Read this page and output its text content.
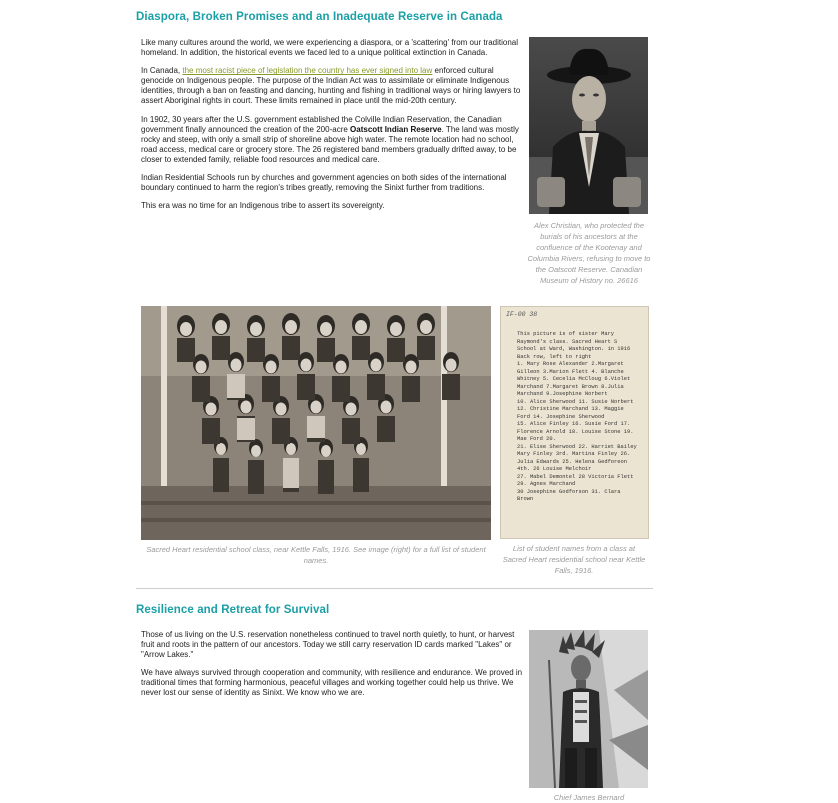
Diaspora, Broken Promises and an Inadequate Reserve in Canada

Like many cultures around the world, we were experiencing a diaspora, or a 'scattering' from our traditional homeland. In addition, the historical events we faced led to a unique political extinction in Canada.

In Canada, the most racist piece of legislation the country has ever signed into law enforced cultural genocide on Indigenous people. The purpose of the Indian Act was to assimilate or eliminate Indigenous identities, through a ban on feasting and dancing, hunting and fishing in traditional ways or hiring lawyers to assert Aboriginal rights in court. These limits remained in place until the mid-20th century.

In 1902, 30 years after the U.S. government established the Colville Indian Reservation, the Canadian government finally announced the creation of the 200-acre Oatscott Indian Reserve. The land was mostly rocky and steep, with only a small strip of shoreline above high water. The remote location had no school, road access, medical care or grocery store. The 26 registered band members gradually drifted away, to be closer to extended family, reliable food resources and medical care.

Indian Residential Schools run by churches and government agencies on both sides of the international boundary continued to harm the region's tribes greatly, removing the Sinixt further from traditions.

This era was no time for an Indigenous tribe to assert its sovereignty.

Alex Christian, who protected the burials of his ancestors at the confluence of the Kootenay and Columbia Rivers, refusing to move to the Oatscott Reserve. Canadian Museum of History no. 26616
Sacred Heart residential school class, near Kettle Falls, 1916. See image (right) for a full list of student names.
IF-00 38
This picture is of sister Mary Raymond's class. Sacred Heart S School at Ward, Washington. in 1916
Back row, left to right
1. Mary Rose Alexander 2.Margaret Gilleon 3.Marion Flett 4. Blanche Whitney 5. Cecelia McCloug 6.Violet Marchand 7.Margaret Brown 8.Julia Marchand 9.Josephine Norbert
10. Alice Sherwood 11. Susie Norbert 12. Christine Marchand 13. Maggie Ford 14. Josephine Sherwood
15. Alice Finley 16. Susie Ford 17. Florence Arnold 18. Louise Stone 19. Mae Ford 20.
21. Elise Sherwood 22. Harriet Bailey Mary Finley 3rd. Martina Finley 26. Julia Edwards 25. Helena Gedforeon 4th. 26 Louise Melchoir
27. Mabel Demontel 28 Victoria Flett 29. Agnes Marchand
30 Josephine Godforson 31. Clara Brown
List of student names from a class at Sacred Heart residential school near Kettle Falls, 1916.
Resilience and Retreat for Survival

Those of us living on the U.S. reservation nonetheless continued to travel north quietly, to hunt, or harvest fruit and roots in the pattern of our ancestors. Today we still carry reservation ID cards marked "Lakes" or "Arrow Lakes."

We have always survived through cooperation and community, with resilience and endurance. We proved in traditional times that forming harmonious, peaceful villages and working together could help us thrive. We never lost our sense of identity as Sinixt. We know who we are.

Chief James Bernard
